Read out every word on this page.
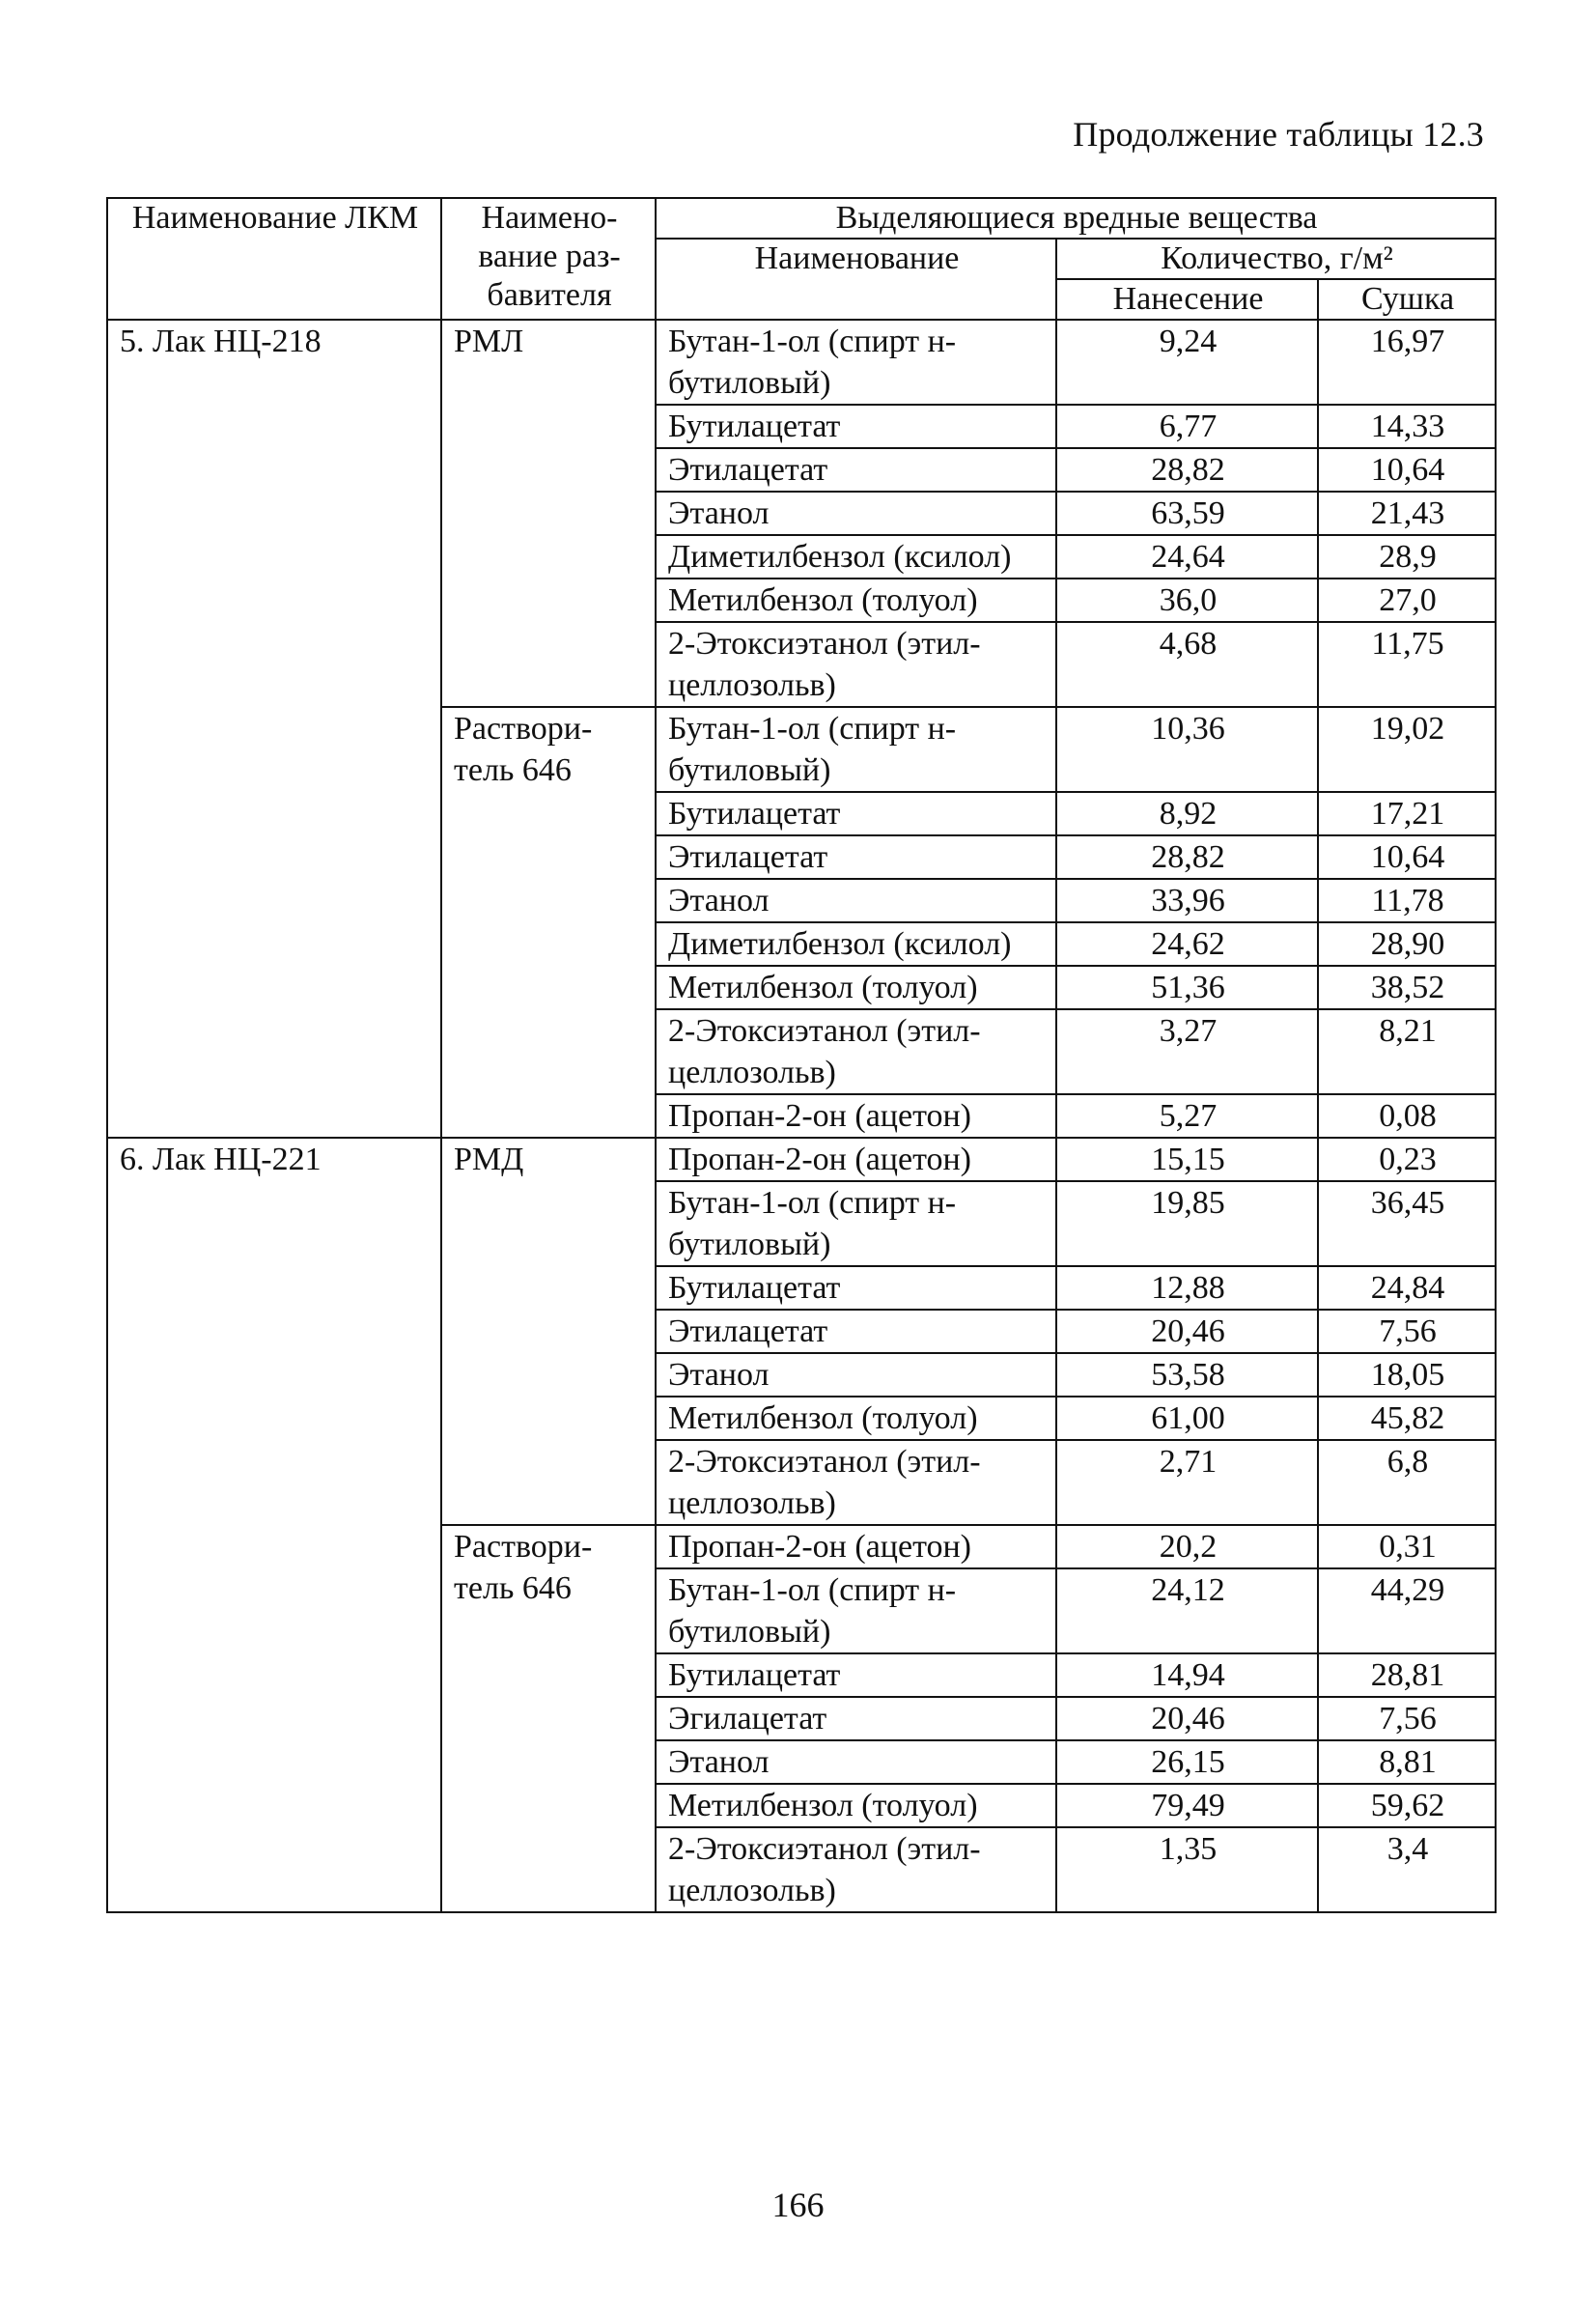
Продолжение таблицы 12.3
Наименование ЛКМ	Наимено-вание раз-бавителя	Выделяющиеся вредные вещества		
		Наименование	Количество, г/м²	
			Нанесение	Сушка
5. Лак НЦ-218	РМЛ	Бутан-1-ол (спирт н-бутиловый)	9,24	16,97
		Бутилацетат	6,77	14,33
		Этилацетат	28,82	10,64
		Этанол	63,59	21,43
		Диметилбензол (ксилол)	24,64	28,9
		Метилбензол (толуол)	36,0	27,0
		2-Этоксиэтанол (этил-целлозольв)	4,68	11,75
	Раствори-тель 646	Бутан-1-ол (спирт н-бутиловый)	10,36	19,02
		Бутилацетат	8,92	17,21
		Этилацетат	28,82	10,64
		Этанол	33,96	11,78
		Диметилбензол (ксилол)	24,62	28,90
		Метилбензол (толуол)	51,36	38,52
		2-Этоксиэтанол (этил-целлозольв)	3,27	8,21
		Пропан-2-он (ацетон)	5,27	0,08
6. Лак НЦ-221	РМД	Пропан-2-он (ацетон)	15,15	0,23
		Бутан-1-ол (спирт н-бутиловый)	19,85	36,45
		Бутилацетат	12,88	24,84
		Этилацетат	20,46	7,56
		Этанол	53,58	18,05
		Метилбензол (толуол)	61,00	45,82
		2-Этоксиэтанол (этил-целлозольв)	2,71	6,8
	Раствори-тель 646	Пропан-2-он (ацетон)	20,2	0,31
		Бутан-1-ол (спирт н-бутиловый)	24,12	44,29
		Бутилацетат	14,94	28,81
		Эгилацетат	20,46	7,56
		Этанол	26,15	8,81
		Метилбензол (толуол)	79,49	59,62
		2-Этоксиэтанол (этил-целлозольв)	1,35	3,4
166
